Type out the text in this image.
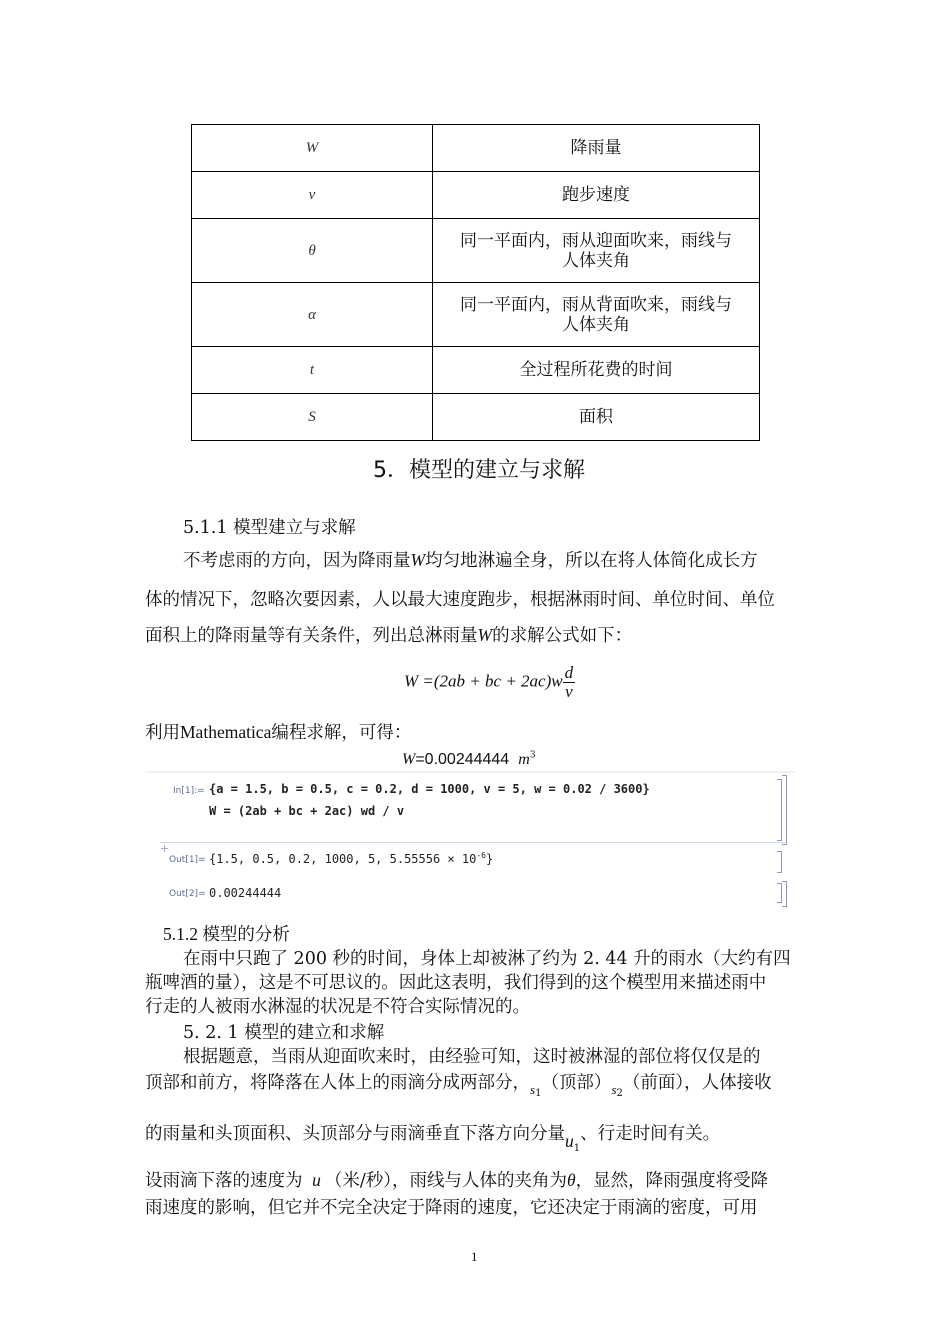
W	降雨量
v	跑步速度
θ	同一平面内，雨从迎面吹来，雨线与
人体夹角

α	同一平面内，雨从背面吹来，雨线与
人体夹角

t	全过程所花费的时间
S	面积
5．模型的建立与求解
5.1.1 模型建立与求解
不考虑雨的方向，因为降雨量W均匀地淋遍全身，所以在将人体简化成长方
体的情况下，忽略次要因素，人以最大速度跑步，根据淋雨时间、单位时间、单位
面积上的降雨量等有关条件，列出总淋雨量W的求解公式如下：
W =(2ab + bc + $2ac)w \frac{d}{v}$
利用Mathematica编程求解，可得：
W=0.00244444 $m^3$
In[1]:= {a = 1.5, b = 0.5, c = 0.2, d = 1000, v = 5, w = 0.02 / 3600}
W = (2ab + bc + 2ac) wd / v
+
Out[1]= {1.5, 0.5, 0.2, 1000, 5, $5.55556 \times 10^{-6}$}
Out[2]= 0.00244444
5.1.2 模型的分析
在雨中只跑了 200 秒的时间，身体上却被淋了约为 2. 44 升的雨水（大约有四
瓶啤酒的量），这是不可思议的。因此这表明，我们得到的这个模型用来描述雨中
行走的人被雨水淋湿的状况是不符合实际情况的。
5. 2. 1 模型的建立和求解
根据题意，当雨从迎面吹来时，由经验可知，这时被淋湿的部位将仅仅是的
顶部和前方，将降落在人体上的雨滴分成两部分，$_{s1}$（顶部）$_{s2}$（前面），人体接收
的雨量和头顶面积、头顶部分与雨滴垂直下落方向分量$u_1$、行走时间有关。
设雨滴下落的速度为 u （米/秒），雨线与人体的夹角为θ，显然，降雨强度将受降
雨速度的影响，但它并不完全决定于降雨的速度，它还决定于雨滴的密度，可用
1
